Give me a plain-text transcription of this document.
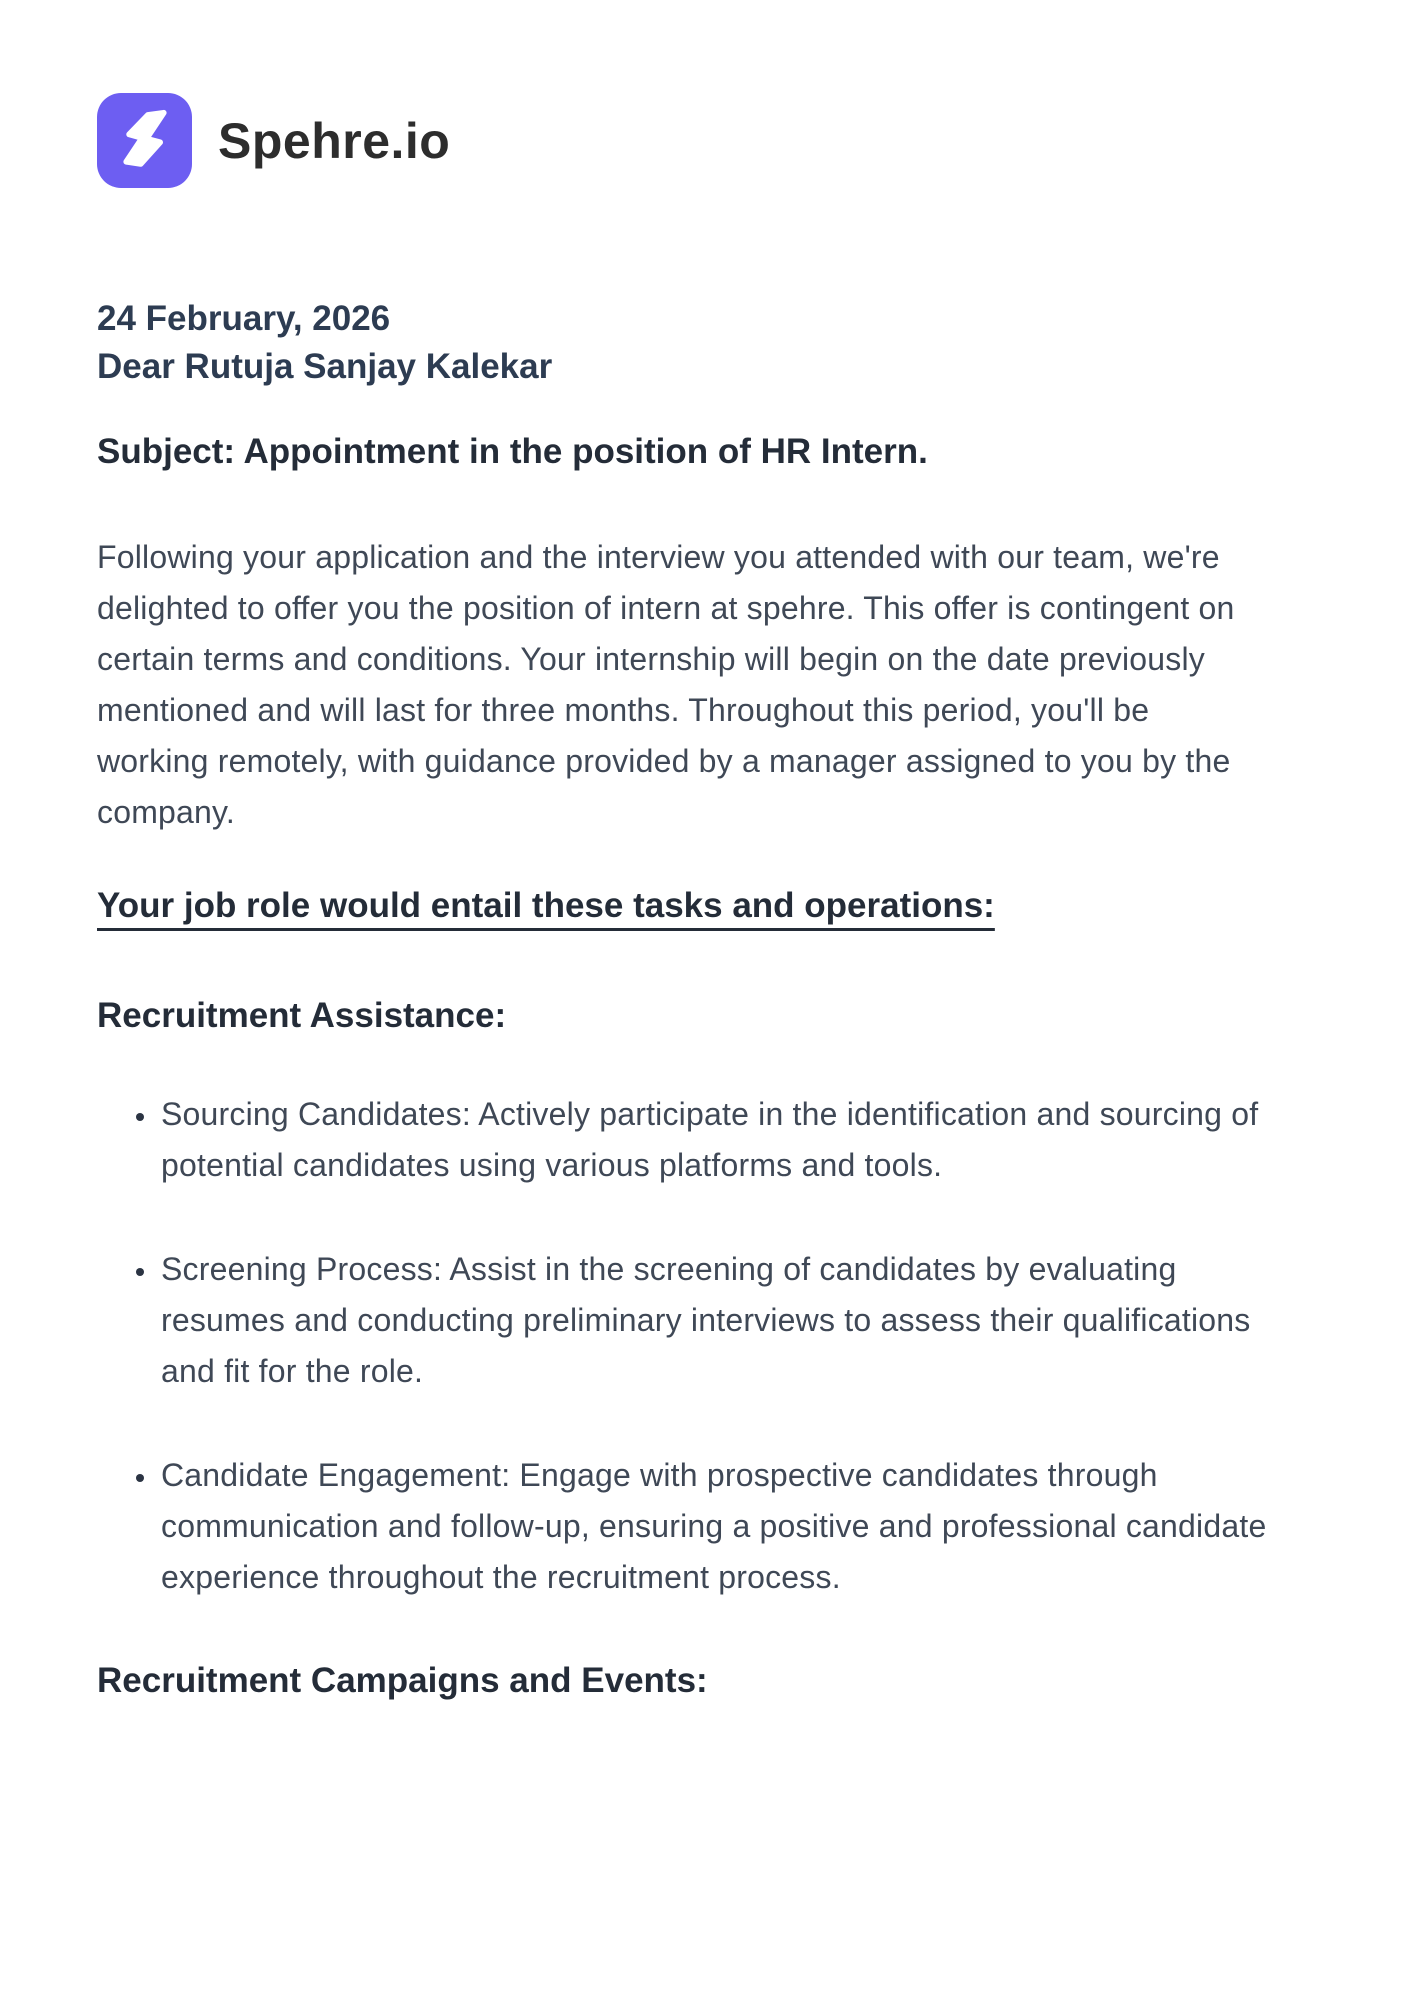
Spehre.io
24 February, 2026
Dear Rutuja Sanjay Kalekar

Subject: Appointment in the position of HR Intern.

Following your application and the interview you attended with our team, we're delighted to offer you the position of intern at spehre. This offer is contingent on certain terms and conditions. Your internship will begin on the date previously mentioned and will last for three months. Throughout this period, you'll be working remotely, with guidance provided by a manager assigned to you by the company.

Your job role would entail these tasks and operations:

Recruitment Assistance:
• Sourcing Candidates: Actively participate in the identification and sourcing of potential candidates using various platforms and tools.
• Screening Process: Assist in the screening of candidates by evaluating resumes and conducting preliminary interviews to assess their qualifications and fit for the role.
• Candidate Engagement: Engage with prospective candidates through communication and follow-up, ensuring a positive and professional candidate experience throughout the recruitment process.
Recruitment Campaigns and Events:
